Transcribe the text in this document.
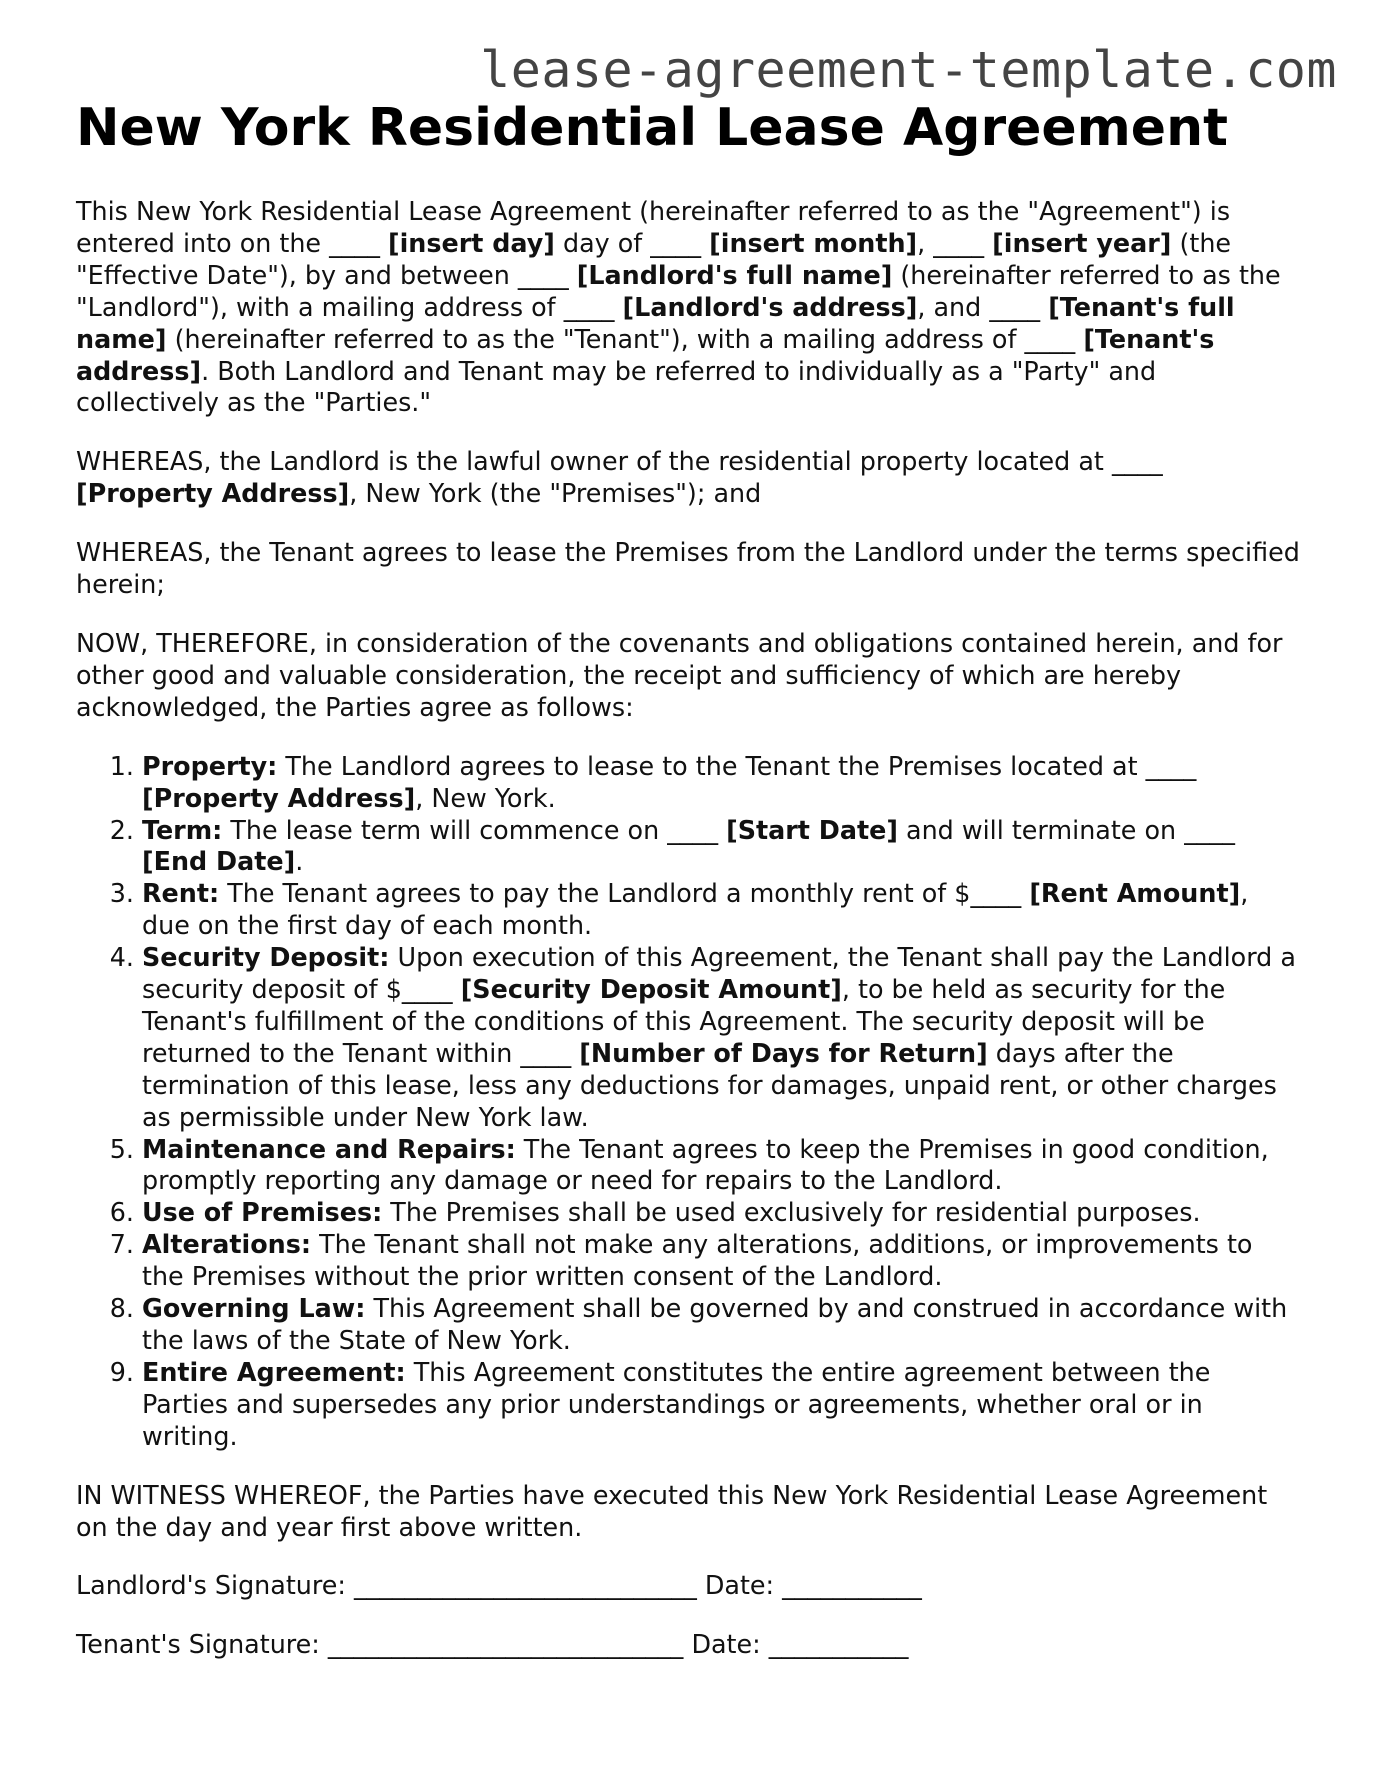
lease-agreement-template.com
New York Residential Lease Agreement

This New York Residential Lease Agreement (hereinafter referred to as the "Agreement") is entered into on the ____ [insert day] day of ____ [insert month], ____ [insert year] (the "Effective Date"), by and between ____ [Landlord's full name] (hereinafter referred to as the "Landlord"), with a mailing address of ____ [Landlord's address], and ____ [Tenant's full name] (hereinafter referred to as the "Tenant"), with a mailing address of ____ [Tenant's address]. Both Landlord and Tenant may be referred to individually as a "Party" and collectively as the "Parties."

WHEREAS, the Landlord is the lawful owner of the residential property located at ____ [Property Address], New York (the "Premises"); and

WHEREAS, the Tenant agrees to lease the Premises from the Landlord under the terms specified herein;

NOW, THEREFORE, in consideration of the covenants and obligations contained herein, and for other good and valuable consideration, the receipt and sufficiency of which are hereby acknowledged, the Parties agree as follows:

1. Property: The Landlord agrees to lease to the Tenant the Premises located at ____ [Property Address], New York.
2. Term: The lease term will commence on ____ [Start Date] and will terminate on ____ [End Date].
3. Rent: The Tenant agrees to pay the Landlord a monthly rent of $____ [Rent Amount], due on the first day of each month.
4. Security Deposit: Upon execution of this Agreement, the Tenant shall pay the Landlord a security deposit of $____ [Security Deposit Amount], to be held as security for the Tenant's fulfillment of the conditions of this Agreement. The security deposit will be returned to the Tenant within ____ [Number of Days for Return] days after the termination of this lease, less any deductions for damages, unpaid rent, or other charges as permissible under New York law.
5. Maintenance and Repairs: The Tenant agrees to keep the Premises in good condition, promptly reporting any damage or need for repairs to the Landlord.
6. Use of Premises: The Premises shall be used exclusively for residential purposes.
7. Alterations: The Tenant shall not make any alterations, additions, or improvements to the Premises without the prior written consent of the Landlord.
8. Governing Law: This Agreement shall be governed by and construed in accordance with the laws of the State of New York.
9. Entire Agreement: This Agreement constitutes the entire agreement between the Parties and supersedes any prior understandings or agreements, whether oral or in writing.

IN WITNESS WHEREOF, the Parties have executed this New York Residential Lease Agreement on the day and year first above written.

Landlord's Signature: ___________________________ Date: ___________

Tenant's Signature: ____________________________ Date: ___________
